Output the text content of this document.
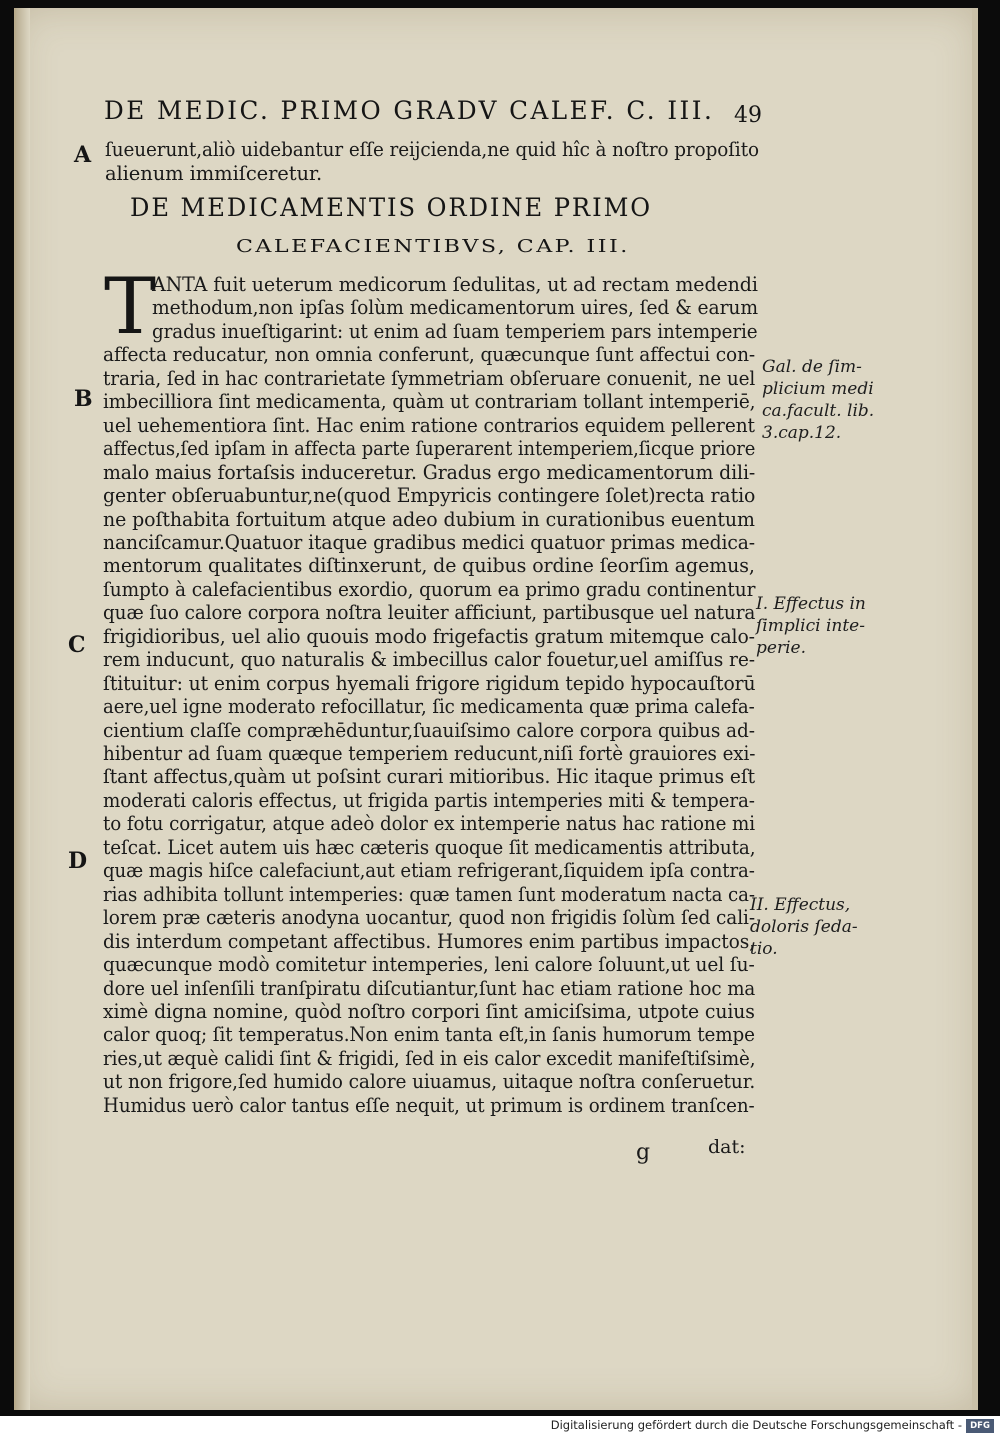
DE MEDIC. PRIMO GRADV CALEF. C. III. 49
A ſueuerunt,aliò uidebantur eſſe reijcienda,ne quid hîc à noſtro propoſito
alienum immiſceretur.
DE MEDICAMENTIS ORDINE PRIMO
CALEFACIENTIBVS, CAP. III.
T
ANTA fuit ueterum medicorum ſedulitas, ut ad rectam medendi
methodum,non ipſas ſolùm medicamentorum uires, ſed & earum
gradus inueſtigarint: ut enim ad ſuam temperiem pars intemperie
affecta reducatur, non omnia conferunt, quæcunque ſunt affectui con-
traria, ſed in hac contrarietate ſymmetriam obſeruare conuenit, ne uel
imbecilliora ſint medicamenta, quàm ut contrariam tollant intemperiē,
uel uehementiora ſint. Hac enim ratione contrarios equidem pellerent
affectus,ſed ipſam in affecta parte ſuperarent intemperiem,ſicque priore
malo maius fortaſsis induceretur. Gradus ergo medicamentorum dili-
genter obſeruabuntur,ne(quod Empyricis contingere ſolet)recta ratio
ne poſthabita fortuitum atque adeo dubium in curationibus euentum
nanciſcamur.Quatuor itaque gradibus medici quatuor primas medica-
mentorum qualitates diſtinxerunt, de quibus ordine ſeorſim agemus,
ſumpto à calefacientibus exordio, quorum ea primo gradu continentur
quæ ſuo calore corpora noſtra leuiter afficiunt, partibusque uel natura
frigidioribus, uel alio quouis modo frigefactis gratum mitemque calo-
rem inducunt, quo naturalis & imbecillus calor fouetur,uel amiſſus re-
ſtituitur: ut enim corpus hyemali frigore rigidum tepido hypocauſtorū
aere,uel igne moderato refocillatur, ſic medicamenta quæ prima calefa-
cientium claſſe compræhēduntur,ſuauiſsimo calore corpora quibus ad-
hibentur ad ſuam quæque temperiem reducunt,niſi fortè grauiores exi-
ſtant affectus,quàm ut poſsint curari mitioribus. Hic itaque primus eſt
moderati caloris effectus, ut frigida partis intemperies miti & tempera-
to fotu corrigatur, atque adeò dolor ex intemperie natus hac ratione mi
teſcat. Licet autem uis hæc cæteris quoque ſit medicamentis attributa,
quæ magis hiſce calefaciunt,aut etiam refrigerant,ſiquidem ipſa contra-
rias adhibita tollunt intemperies: quæ tamen ſunt moderatum nacta ca-
lorem præ cæteris anodyna uocantur, quod non frigidis ſolùm ſed cali-
dis interdum competant affectibus. Humores enim partibus impactos,
quæcunque modò comitetur intemperies, leni calore ſoluunt,ut uel ſu-
dore uel inſenſili tranſpiratu diſcutiantur,ſunt hac etiam ratione hoc ma
ximè digna nomine, quòd noſtro corpori ſint amiciſsima, utpote cuius
calor quoq; ſit temperatus.Non enim tanta eſt,in ſanis humorum tempe
ries,ut æquè calidi ſint & frigidi, ſed in eis calor excedit manifeſtiſsimè,
ut non frigore,ſed humido calore uiuamus, uitaque noſtra conſeruetur.
Humidus uerò calor tantus eſſe nequit, ut primum is ordinem tranſcen-
B
C
D
Gal. de ſim-
plicium medi
ca.facult. lib.
3.cap.12.
I. Effectus in
ſimplici inte-
perie.
II. Effectus,
doloris ſeda-
tio.
g	dat:
Digitalisierung gefördert durch die Deutsche Forschungsgemeinschaft - DFG
